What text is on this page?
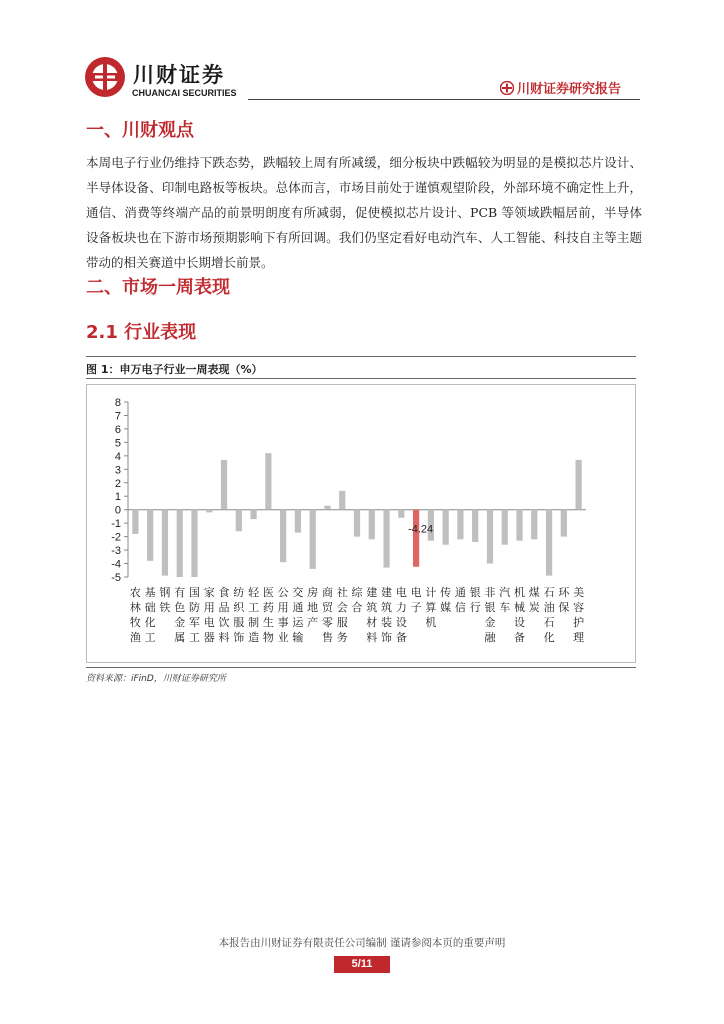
川财证券
CHUANCAI SECURITIES	川财证券研究报告
一、川财观点
本周电子行业仍维持下跌态势，跌幅较上周有所减缓，细分板块中跌幅较为明显的是模拟芯片设计、半导体设备、印制电路板等板块。总体而言，市场目前处于谨慎观望阶段，外部环境不确定性上升，通信、消费等终端产品的前景明朗度有所减弱，促使模拟芯片设计、PCB 等领域跌幅居前，半导体设备板块也在下游市场预期影响下有所回调。我们仍坚定看好电动汽车、人工智能、科技自主等主题带动的相关赛道中长期增长前景。
二、市场一周表现
2.1 行业表现
图 1：申万电子行业一周表现（%）
8
7
6
5
4
3
2
1
0
-1
-2
-3
-4
-5
-4.24
农林牧渔
基础化工
钢铁
有色金属
国防军工
家用电器
食品饮料
纺织服饰
轻工制造
医药生物
公用事业
交通运输
房地产
商贸零售
社会服务
综合
建筑材料
建筑装饰
电力设备
电子
计算机
传媒
通信
银行
非银金融
汽车
机械设备
煤炭
石油石化
环保
美容护理
资料来源：iFinD，川财证券研究所
本报告由川财证券有限责任公司编制 谨请参阅本页的重要声明
5/11
